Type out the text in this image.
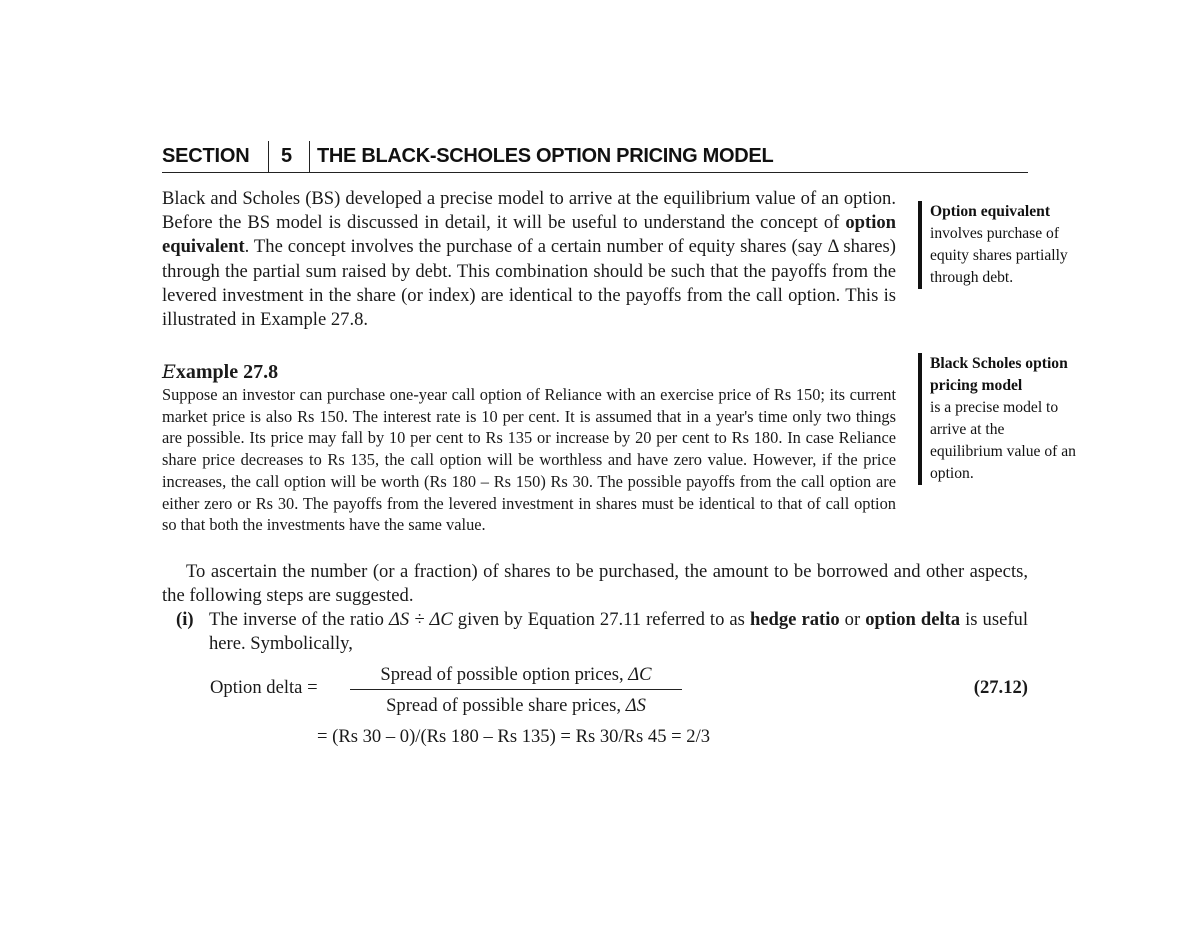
SECTION 5 THE BLACK-SCHOLES OPTION PRICING MODEL
Black and Scholes (BS) developed a precise model to arrive at the equilibrium value of an option. Before the BS model is discussed in detail, it will be useful to understand the concept of option equivalent. The concept involves the purchase of a certain number of equity shares (say Δ shares) through the partial sum raised by debt. This combination should be such that the payoffs from the levered investment in the share (or index) are identical to the payoffs from the call option. This is illustrated in Example 27.8.
Example 27.8
Suppose an investor can purchase one-year call option of Reliance with an exercise price of Rs 150; its current market price is also Rs 150. The interest rate is 10 per cent. It is assumed that in a year's time only two things are possible. Its price may fall by 10 per cent to Rs 135 or increase by 20 per cent to Rs 180. In case Reliance share price decreases to Rs 135, the call option will be worthless and have zero value. However, if the price increases, the call option will be worth (Rs 180 – Rs 150) Rs 30. The possible payoffs from the call option are either zero or Rs 30. The payoffs from the levered investment in shares must be identical to that of call option so that both the investments have the same value.
To ascertain the number (or a fraction) of shares to be purchased, the amount to be borrowed and other aspects, the following steps are suggested.
(i) The inverse of the ratio ΔS ÷ ΔC given by Equation 27.11 referred to as hedge ratio or option delta is useful here. Symbolically,
Option delta =
Spread of possible option prices, ΔC
Spread of possible share prices, ΔS
(27.12)
= (Rs 30 – 0)/(Rs 180 – Rs 135) = Rs 30/Rs 45 = 2/3
Option equivalent
involves purchase of equity shares partially through debt.
Black Scholes option pricing model
is a precise model to arrive at the equilibrium value of an option.
